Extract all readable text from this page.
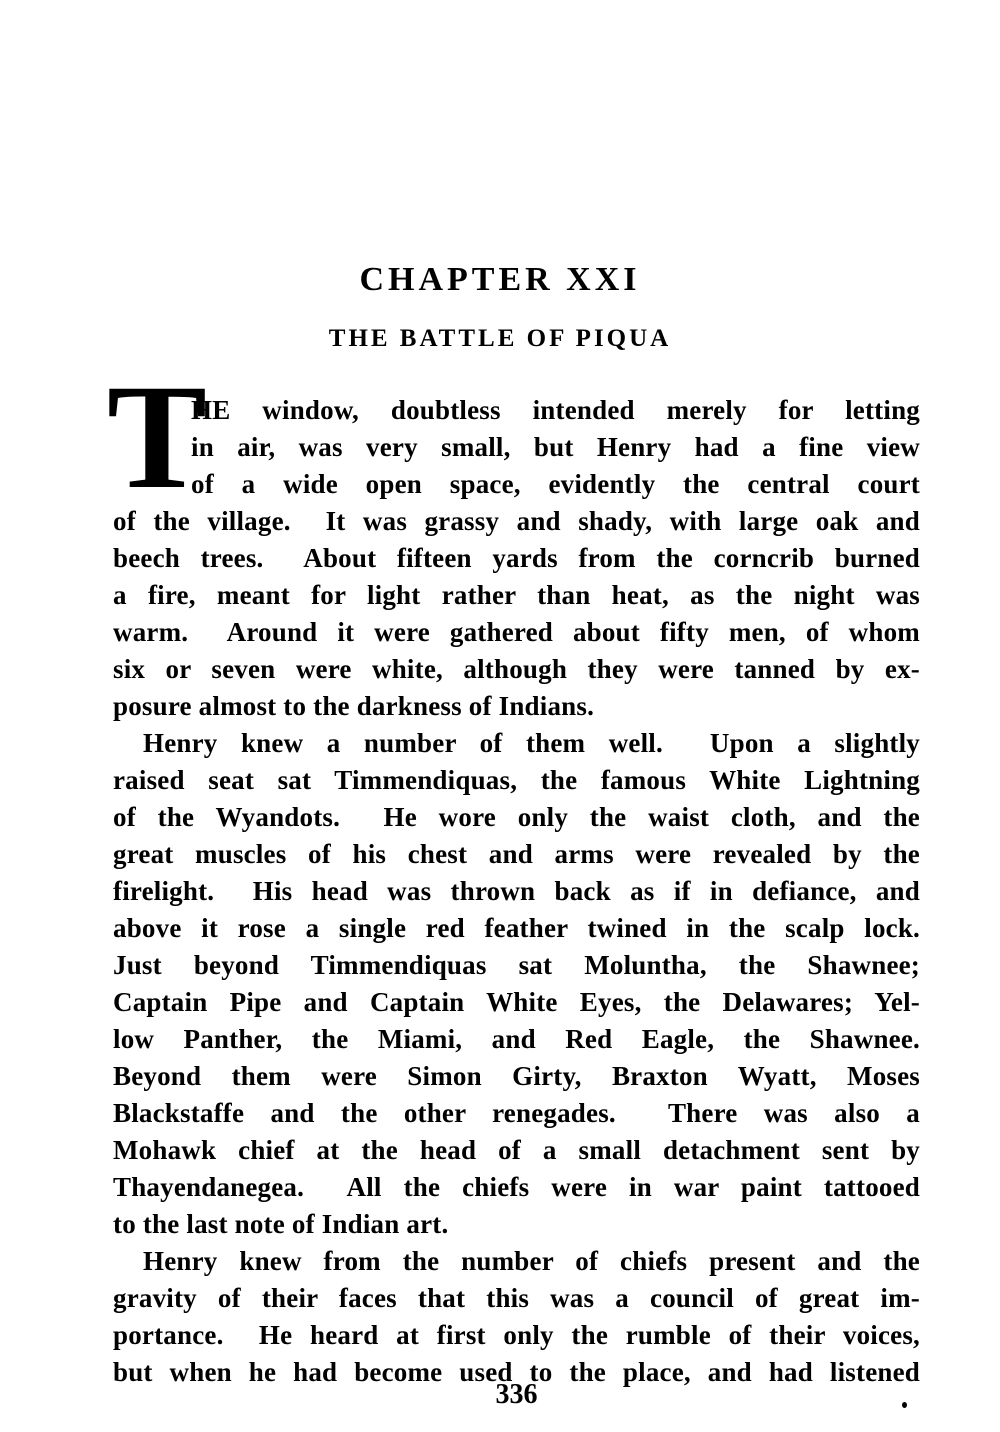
CHAPTER XXI
THE BATTLE OF PIQUA
T
HE window, doubtless intended merely for letting
in air, was very small, but Henry had a fine view
of a wide open space, evidently the central court
of the village.  It was grassy and shady, with large oak and
beech trees.  About fifteen yards from the corncrib burned
a fire, meant for light rather than heat, as the night was
warm.  Around it were gathered about fifty men, of whom
six or seven were white, although they were tanned by ex-
posure almost to the darkness of Indians.
Henry knew a number of them well.  Upon a slightly
raised seat sat Timmendiquas, the famous White Lightning
of the Wyandots.  He wore only the waist cloth, and the
great muscles of his chest and arms were revealed by the
firelight.  His head was thrown back as if in defiance, and
above it rose a single red feather twined in the scalp lock.
Just beyond Timmendiquas sat Moluntha, the Shawnee;
Captain Pipe and Captain White Eyes, the Delawares; Yel-
low Panther, the Miami, and Red Eagle, the Shawnee.
Beyond them were Simon Girty, Braxton Wyatt, Moses
Blackstaffe and the other renegades.  There was also a
Mohawk chief at the head of a small detachment sent by
Thayendanegea.  All the chiefs were in war paint tattooed
to the last note of Indian art.
Henry knew from the number of chiefs present and the
gravity of their faces that this was a council of great im-
portance.  He heard at first only the rumble of their voices,
but when he had become used to the place, and had listened
336
